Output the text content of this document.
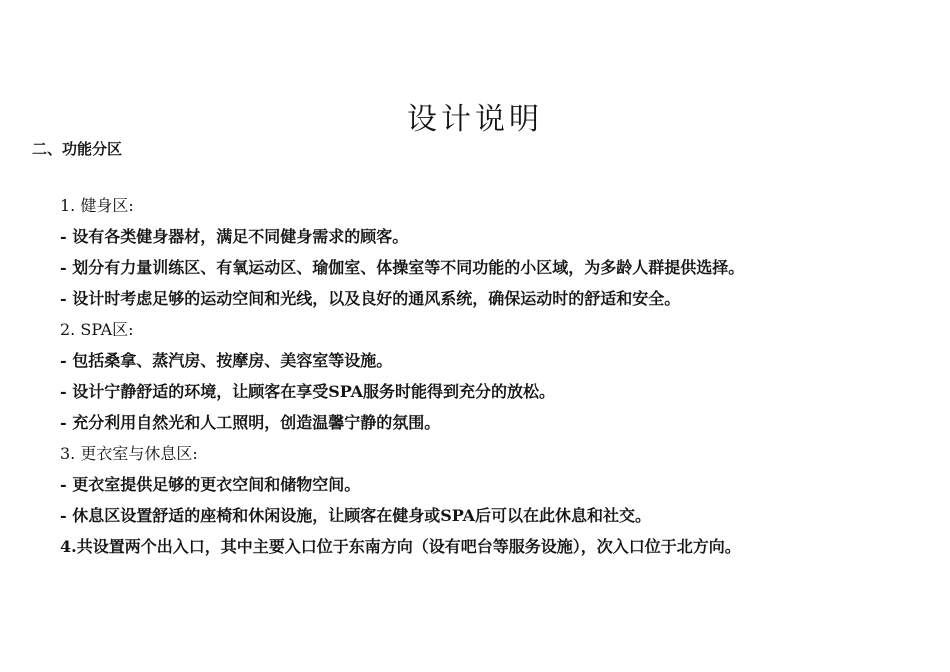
设计说明
二、功能分区
1. 健身区:
- 设有各类健身器材，满足不同健身需求的顾客。
- 划分有力量训练区、有氧运动区、瑜伽室、体操室等不同功能的小区域，为多龄人群提供选择。
- 设计时考虑足够的运动空间和光线，以及良好的通风系统，确保运动时的舒适和安全。
2. SPA区:
- 包括桑拿、蒸汽房、按摩房、美容室等设施。
- 设计宁静舒适的环境，让顾客在享受SPA服务时能得到充分的放松。
- 充分利用自然光和人工照明，创造温馨宁静的氛围。
3. 更衣室与休息区:
- 更衣室提供足够的更衣空间和储物空间。
- 休息区设置舒适的座椅和休闲设施，让顾客在健身或SPA后可以在此休息和社交。
4.共设置两个出入口，其中主要入口位于东南方向（设有吧台等服务设施），次入口位于北方向。
